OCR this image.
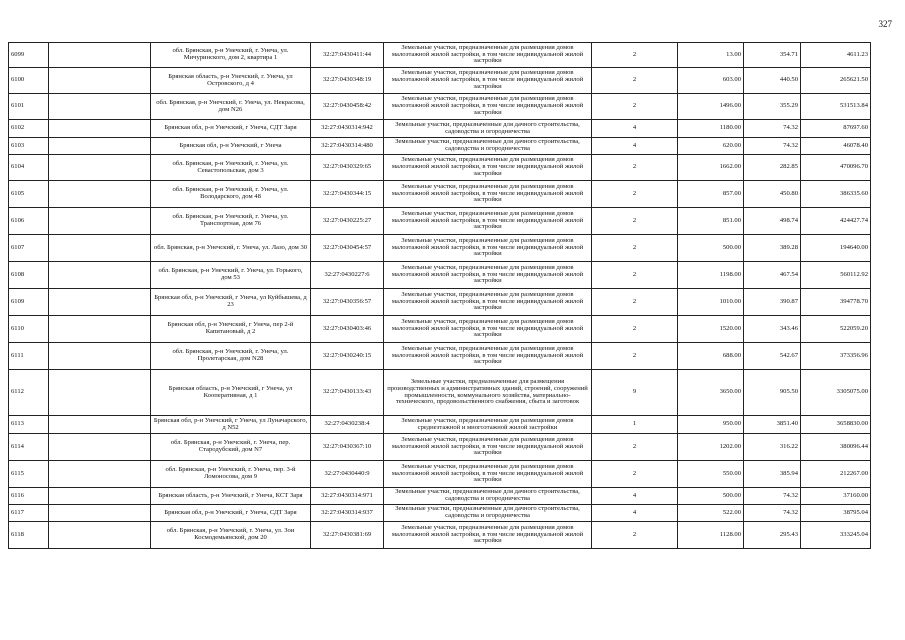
327
6099		обл. Брянская, р-н Унечский, г. Унеча, ул. Мичуринского, дом 2, квартира 1	32:27:0430411:44	Земельные участки, предназначенные для размещения домов малоэтажной жилой застройки, в том числе индивидуальной жилой застройки	2	13.00	354.71	4611.23
6100		Брянская область, р-н Унечский, г. Унеча, ул Островского, д 4	32:27:0430348:19	Земельные участки, предназначенные для размещения домов малоэтажной жилой застройки, в том числе индивидуальной жилой застройки	2	603.00	440.50	265621.50
6101		обл. Брянская, р-н Унечский, г. Унеча, ул. Некрасова, дом N26	32:27:0430458:42	Земельные участки, предназначенные для размещения домов малоэтажной жилой застройки, в том числе индивидуальной жилой застройки	2	1496.00	355.29	531513.84
6102		Брянская обл, р-н Унечский, г Унеча, СДТ Заря	32:27:0430314:942	Земельные участки, предназначенные для дачного строительства, садоводства и огородничества	4	1180.00	74.32	87697.60
6103		Брянская обл, р-н Унечский, г Унеча	32:27:0430314:480	Земельные участки, предназначенные для дачного строительства, садоводства и огородничества	4	620.00	74.32	46078.40
6104		обл. Брянская, р-н Унечский, г. Унеча, ул. Севастопольская, дом 3	32:27:0430329:65	Земельные участки, предназначенные для размещения домов малоэтажной жилой застройки, в том числе индивидуальной жилой застройки	2	1662.00	282.85	470096.70
6105		обл. Брянская, р-н Унечский, г. Унеча, ул. Володарского, дом 48	32:27:0430344:15	Земельные участки, предназначенные для размещения домов малоэтажной жилой застройки, в том числе индивидуальной жилой застройки	2	857.00	450.80	386335.60
6106		обл. Брянская, р-н Унечский, г. Унеча, ул. Транспортная, дом 76	32:27:0430225:27	Земельные участки, предназначенные для размещения домов малоэтажной жилой застройки, в том числе индивидуальной жилой застройки	2	851.00	498.74	424427.74
6107		обл. Брянская, р-н Унечский, г. Унеча, ул. Лазо, дом 30	32:27:0430454:57	Земельные участки, предназначенные для размещения домов малоэтажной жилой застройки, в том числе индивидуальной жилой застройки	2	500.00	389.28	194640.00
6108		обл. Брянская, р-н Унечский, г. Унеча, ул. Горького, дом 53	32:27:0430227:6	Земельные участки, предназначенные для размещения домов малоэтажной жилой застройки, в том числе индивидуальной жилой застройки	2	1198.00	467.54	560112.92
6109		Брянская обл, р-н Унечский, г Унеча, ул Куйбышева, д 23	32:27:0430356:57	Земельные участки, предназначенные для размещения домов малоэтажной жилой застройки, в том числе индивидуальной жилой застройки	2	1010.00	390.87	394778.70
6110		Брянская обл, р-н Унечский, г Унеча, пер 2-й Капитановый, д 2	32:27:0430403:46	Земельные участки, предназначенные для размещения домов малоэтажной жилой застройки, в том числе индивидуальной жилой застройки	2	1520.00	343.46	522059.20
6111		обл. Брянская, р-н Унечский, г. Унеча, ул. Пролетарская, дом N28	32:27:0430240:15	Земельные участки, предназначенные для размещения домов малоэтажной жилой застройки, в том числе индивидуальной жилой застройки	2	688.00	542.67	373356.96
6112		Брянская область, р-н Унечский, г Унеча, ул Кооперативная, д 1	32:27:0430133:43	Земельные участки, предназначенные для размещения производственных и административных зданий, строений, сооружений промышленности, коммунального хозяйства, материально-технического, продовольственного снабжения, сбыта и заготовок	9	3650.00	905.50	3305075.00
6113		Брянская обл, р-н Унечский, г Унеча, ул Луначарского, д N52	32:27:0430238:4	Земельные участки, предназначенные для размещения домов среднеэтажной и многоэтажной жилой застройки	1	950.00	3851.40	3658830.00
6114		обл. Брянская, р-н Унечский, г. Унеча, пер. Стародубский, дом N7	32:27:0430367:10	Земельные участки, предназначенные для размещения домов малоэтажной жилой застройки, в том числе индивидуальной жилой застройки	2	1202.00	316.22	380096.44
6115		обл. Брянская, р-н Унечский, г. Унеча, пер. 3-й Ломоносова, дом 9	32:27:0430440:9	Земельные участки, предназначенные для размещения домов малоэтажной жилой застройки, в том числе индивидуальной жилой застройки	2	550.00	385.94	212267.00
6116		Брянская область, р-н Унечский, г Унеча, КСТ Заря	32:27:0430314:971	Земельные участки, предназначенные для дачного строительства, садоводства и огородничества	4	500.00	74.32	37160.00
6117		Брянская обл, р-н Унечский, г Унеча, СДТ Заря	32:27:0430314:937	Земельные участки, предназначенные для дачного строительства, садоводства и огородничества	4	522.00	74.32	38795.04
6118		обл. Брянская, р-н Унечский, г. Унеча, ул. Зои Космодемьянской, дом 20	32:27:0430381:69	Земельные участки, предназначенные для размещения домов малоэтажной жилой застройки, в том числе индивидуальной жилой застройки	2	1128.00	295.43	333245.04
